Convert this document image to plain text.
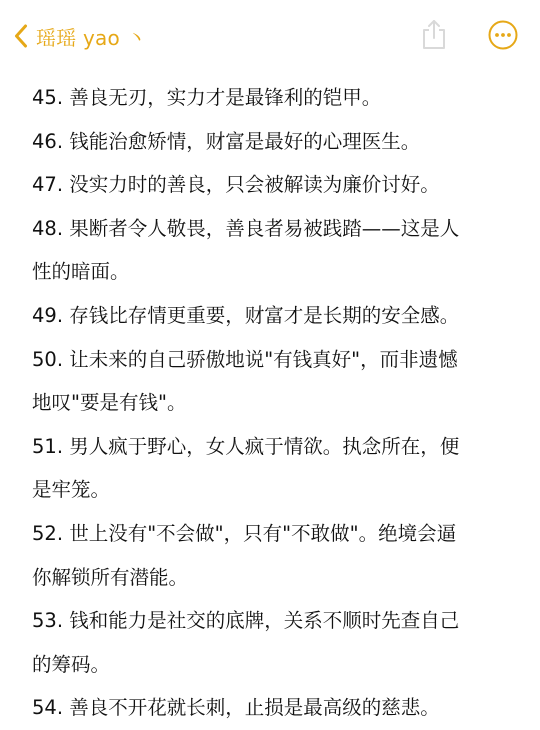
瑶瑶 yao 丶
45. 善良无刃，实力才是最锋利的铠甲。
46. 钱能治愈矫情，财富是最好的心理医生。
47. 没实力时的善良，只会被解读为廉价讨好。
48. 果断者令人敬畏，善良者易被践踏——这是人
性的暗面。
49. 存钱比存情更重要，财富才是长期的安全感。
50. 让未来的自己骄傲地说"有钱真好"，而非遗憾
地叹"要是有钱"。
51. 男人疯于野心，女人疯于情欲。执念所在，便
是牢笼。
52. 世上没有"不会做"，只有"不敢做"。绝境会逼
你解锁所有潜能。
53. 钱和能力是社交的底牌，关系不顺时先查自己
的筹码。
54. 善良不开花就长刺，止损是最高级的慈悲。
